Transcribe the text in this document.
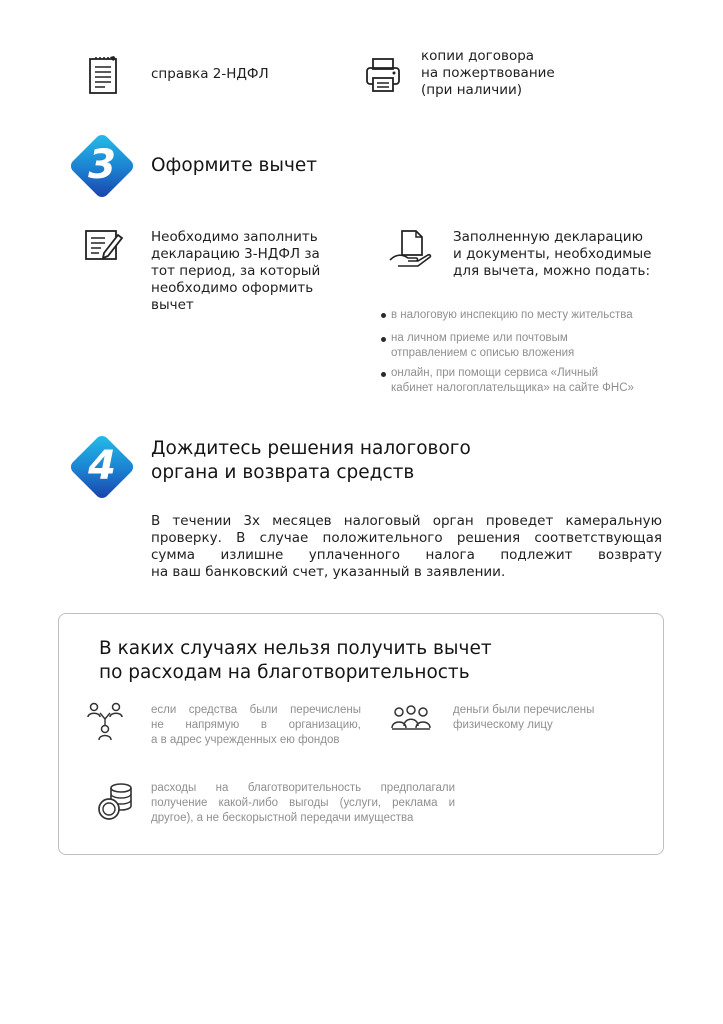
справка 2-НДФЛ
копии договора
на пожертвование
(при наличии)
3	Оформите вычет
Необходимо заполнить
декларацию 3-НДФЛ за
тот период, за который
необходимо оформить
вычет
Заполненную декларацию
и документы, необходимые
для вычета, можно подать:
в налоговую инспекцию по месту жительства
на личном приеме или почтовым
отправлением с описью вложения
онлайн, при помощи сервиса «Личный
кабинет налогоплательщика» на сайте ФНС»
4	Дождитесь решения налогового
органа и возврата средств
В течении 3х месяцев налоговый орган проведет камеральную
проверку. В случае положительного решения соответствующая
сумма излишне уплаченного налога подлежит возврату
на ваш банковский счет, указанный в заявлении.
В каких случаях нельзя получить вычет
по расходам на благотворительность
если средства были перечислены
не напрямую в организацию,
а в адрес учрежденных ею фондов
деньги были перечислены
физическому лицу
расходы на благотворительность предполагали
получение какой-либо выгоды (услуги, реклама и
другое), а не бескорыстной передачи имущества
